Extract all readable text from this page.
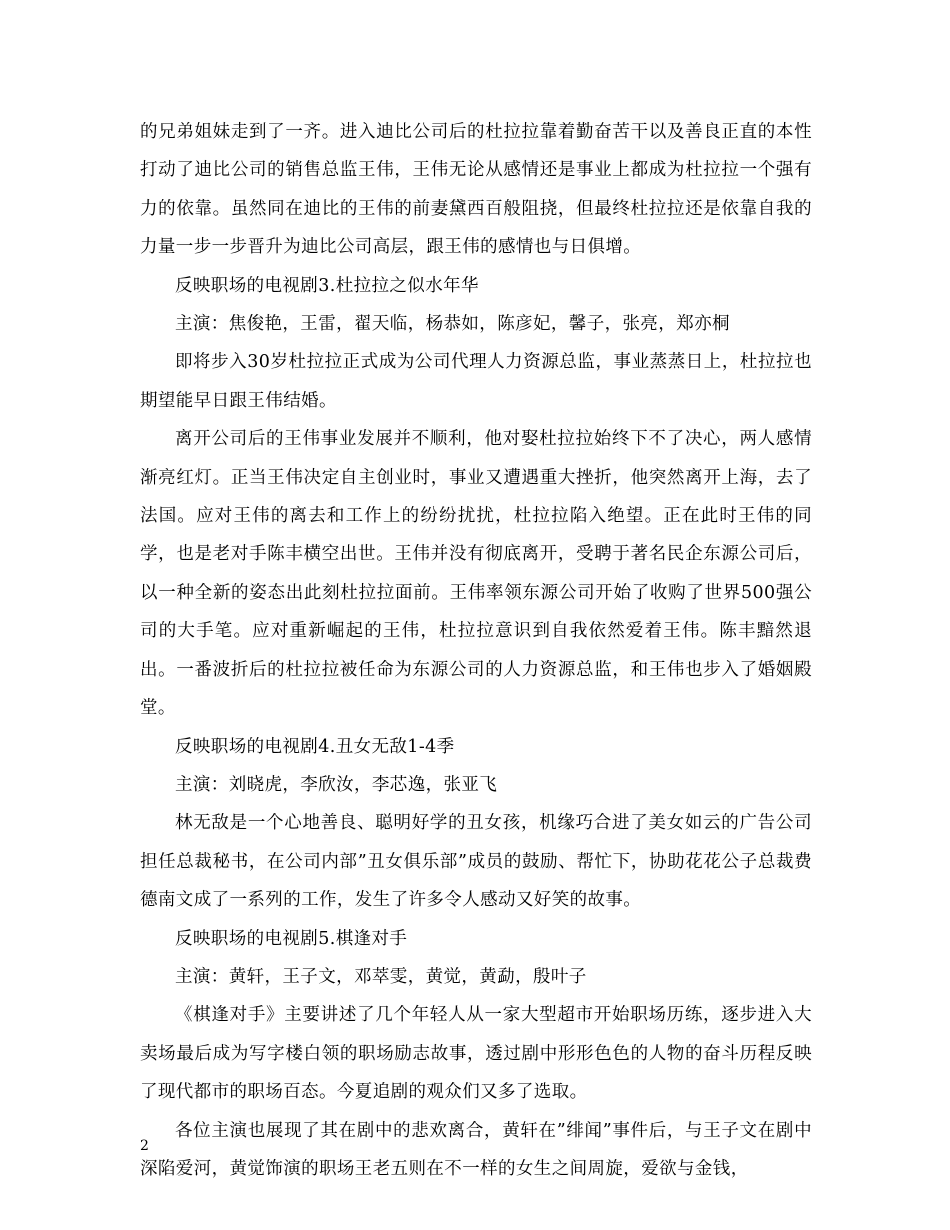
的兄弟姐妹走到了一齐。进入迪比公司后的杜拉拉靠着勤奋苦干以及善良正直的本性打动了迪比公司的销售总监王伟，王伟无论从感情还是事业上都成为杜拉拉一个强有力的依靠。虽然同在迪比的王伟的前妻黛西百般阻挠，但最终杜拉拉还是依靠自我的力量一步一步晋升为迪比公司高层，跟王伟的感情也与日俱增。

反映职场的电视剧3.杜拉拉之似水年华

主演：焦俊艳，王雷，翟天临，杨恭如，陈彦妃，馨子，张亮，郑亦桐

即将步入30岁杜拉拉正式成为公司代理人力资源总监，事业蒸蒸日上，杜拉拉也期望能早日跟王伟结婚。

离开公司后的王伟事业发展并不顺利，他对娶杜拉拉始终下不了决心，两人感情渐亮红灯。正当王伟决定自主创业时，事业又遭遇重大挫折，他突然离开上海，去了法国。应对王伟的离去和工作上的纷纷扰扰，杜拉拉陷入绝望。正在此时王伟的同学，也是老对手陈丰横空出世。王伟并没有彻底离开，受聘于著名民企东源公司后，以一种全新的姿态出此刻杜拉拉面前。王伟率领东源公司开始了收购了世界500强公司的大手笔。应对重新崛起的王伟，杜拉拉意识到自我依然爱着王伟。陈丰黯然退出。一番波折后的杜拉拉被任命为东源公司的人力资源总监，和王伟也步入了婚姻殿堂。

反映职场的电视剧4.丑女无敌1-4季

主演：刘晓虎，李欣汝，李芯逸，张亚飞

林无敌是一个心地善良、聪明好学的丑女孩，机缘巧合进了美女如云的广告公司担任总裁秘书，在公司内部”丑女俱乐部”成员的鼓励、帮忙下，协助花花公子总裁费德南文成了一系列的工作，发生了许多令人感动又好笑的故事。

反映职场的电视剧5.棋逢对手

主演：黄轩，王子文，邓萃雯，黄觉，黄勐，殷叶子

《棋逢对手》主要讲述了几个年轻人从一家大型超市开始职场历练，逐步进入大卖场最后成为写字楼白领的职场励志故事，透过剧中形形色色的人物的奋斗历程反映了现代都市的职场百态。今夏追剧的观众们又多了选取。

各位主演也展现了其在剧中的悲欢离合，黄轩在”绯闻”事件后，与王子文在剧中深陷爱河，黄觉饰演的职场王老五则在不一样的女生之间周旋，爱欲与金钱，

2
